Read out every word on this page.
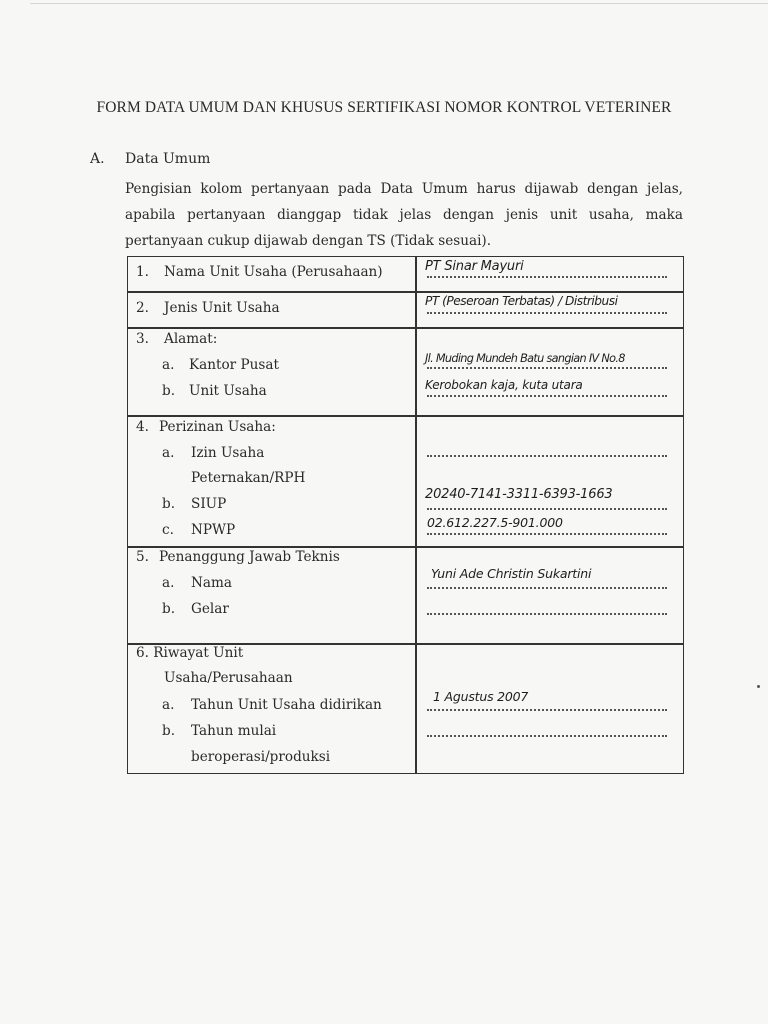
FORM DATA UMUM DAN KHUSUS SERTIFIKASI NOMOR KONTROL VETERINER
A. Data Umum

Pengisian kolom pertanyaan pada Data Umum harus dijawab dengan jelas, apabila pertanyaan dianggap tidak jelas dengan jenis unit usaha, maka pertanyaan cukup dijawab dengan TS (Tidak sesuai).

1. Nama Unit Usaha (Perusahaan)	PT Sinar Mayuri
2. Jenis Unit Usaha	PT (Peseroan Terbatas) / Distribusi
3. Alamat:
a. Kantor Pusat
b. Unit Usaha
Jl. Muding Mundeh Batu sangian IV No.8
Kerobokan kaja, kuta utara
4. Perizinan Usaha:
a. Izin Usaha
Peternakan/RPH
b. SIUP
c. NPWP
20240-7141-3311-6393-1663
02.612.227.5-901.000
5. Penanggung Jawab Teknis
a. Nama
b. Gelar
Yuni Ade Christin Sukartini
6. Riwayat Unit
Usaha/Perusahaan
a. Tahun Unit Usaha didirikan
b. Tahun mulai
beroperasi/produksi
1 Agustus 2007
